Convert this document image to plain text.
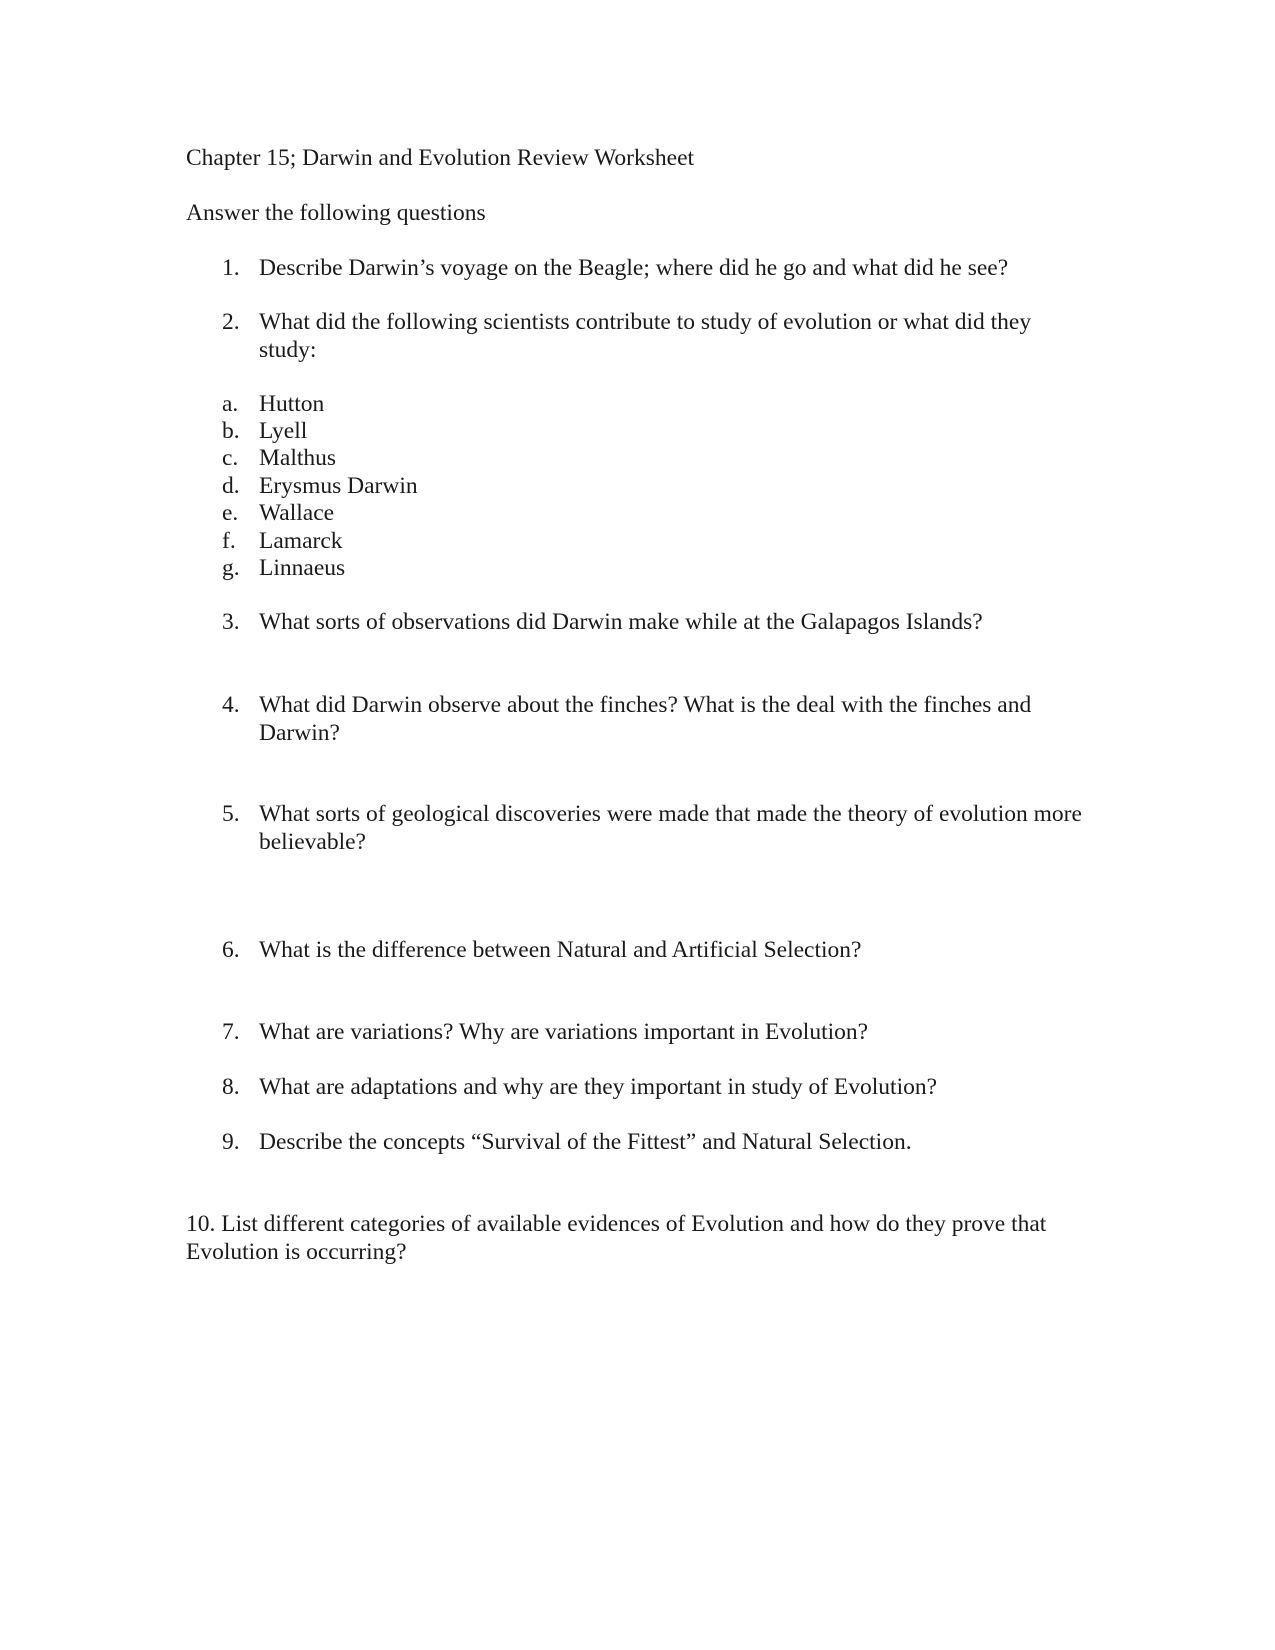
Chapter 15; Darwin and Evolution Review Worksheet
Answer the following questions
1. Describe Darwin’s voyage on the Beagle; where did he go and what did he see?
2. What did the following scientists contribute to study of evolution or what did they study:
a. Hutton
b. Lyell
c. Malthus
d. Erysmus Darwin
e. Wallace
f. Lamarck
g. Linnaeus
3. What sorts of observations did Darwin make while at the Galapagos Islands?
4. What did Darwin observe about the finches? What is the deal with the finches and Darwin?
5. What sorts of geological discoveries were made that made the theory of evolution more believable?
6. What is the difference between Natural and Artificial Selection?
7. What are variations? Why are variations important in Evolution?
8. What are adaptations and why are they important in study of Evolution?
9. Describe the concepts “Survival of the Fittest” and Natural Selection.
10. List different categories of available evidences of Evolution and how do they prove that Evolution is occurring?
